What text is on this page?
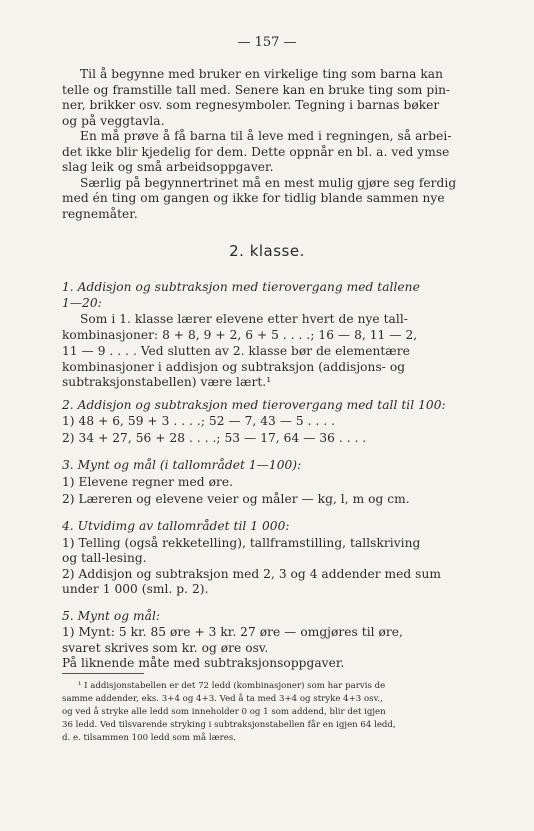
— 157 —
Til å begynne med bruker en virkelige ting som barna kan
telle og framstille tall med. Senere kan en bruke ting som pin-
ner, brikker osv. som regnesymboler. Tegning i barnas bøker
og på veggtavla.
En må prøve å få barna til å leve med i regningen, så arbei-
det ikke blir kjedelig for dem. Dette oppnår en bl. a. ved ymse
slag leik og små arbeidsoppgaver.
Særlig på begynnertrinet må en mest mulig gjøre seg ferdig
med én ting om gangen og ikke for tidlig blande sammen nye
regnemåter.
2. klasse.
1. Addisjon og subtraksjon med tierovergang med tallene
1—20:
Som i 1. klasse lærer elevene etter hvert de nye tall-
kombinasjoner: 8 + 8, 9 + 2, 6 + 5 . . . .; 16 — 8, 11 — 2,
11 — 9 . . . . Ved slutten av 2. klasse bør de elementære
kombinasjoner i addisjon og subtraksjon (addisjons- og
subtraksjonstabellen) være lært.¹
2. Addisjon og subtraksjon med tierovergang med tall til 100:
1) 48 + 6, 59 + 3 . . . .; 52 — 7, 43 — 5 . . . .
2) 34 + 27, 56 + 28 . . . .; 53 — 17, 64 — 36 . . . .
3. Mynt og mål (i tallområdet 1—100):
1) Elevene regner med øre.
2) Læreren og elevene veier og måler — kg, l, m og cm.
4. Utvidimg av tallområdet til 1 000:
1) Telling (også rekketelling), tallframstilling, tallskriving
og tall-lesing.
2) Addisjon og subtraksjon med 2, 3 og 4 addender med sum
under 1 000 (sml. p. 2).
5. Mynt og mål:
1) Mynt: 5 kr. 85 øre + 3 kr. 27 øre — omgjøres til øre,
svaret skrives som kr. og øre osv.
På liknende måte med subtraksjonsoppgaver.
¹ I addisjonstabellen er det 72 ledd (kombinasjoner) som har parvis de
samme addender, eks. 3+4 og 4+3. Ved å ta med 3+4 og stryke 4+3 osv.,
og ved å stryke alle ledd som inneholder 0 og 1 som addend, blir det igjen
36 ledd. Ved tilsvarende stryking i subtraksjonstabellen får en igjen 64 ledd,
d. e. tilsammen 100 ledd som må læres.
